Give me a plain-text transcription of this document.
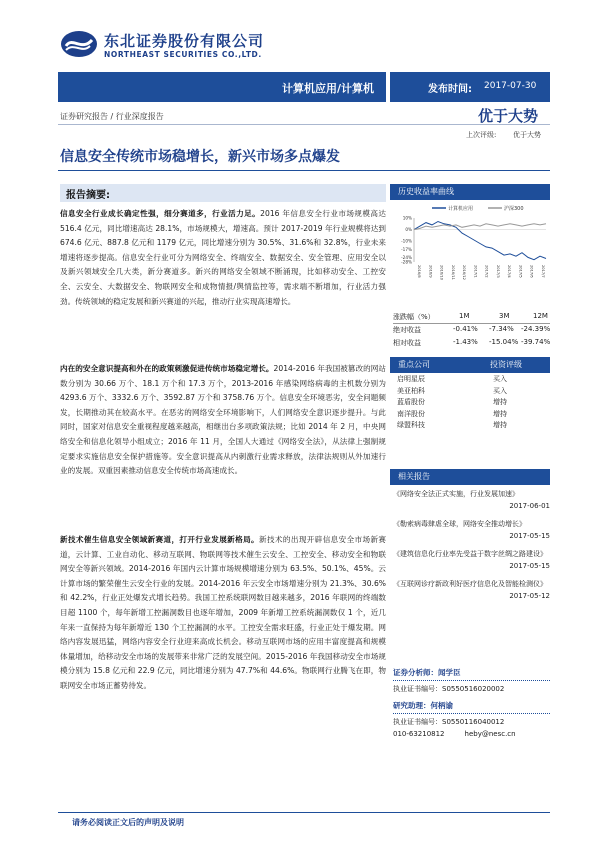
东北证券股份有限公司
NORTHEAST SECURITIES CO.,LTD.
计算机应用/计算机	发布时间: 2017-07-30
证券研究报告 / 行业深度报告	优于大势
上次评级: 优于大势
信息安全传统市场稳增长，新兴市场多点爆发
报告摘要:
信息安全行业成长确定性强，细分赛道多，行业活力足。2016 年信息安全行业市场规模高达 516.4 亿元，同比增速高达 28.1%，市场规模大，增速高。预计 2017-2019 年行业规模将达到 674.6 亿元、887.8 亿元和 1179 亿元，同比增速分别为 30.5%、31.6%和 32.8%，行业未来增速将逐步提高。信息安全行业可分为网络安全、终端安全、数据安全、安全管理、应用安全以及新兴领域安全几大类，新分赛道多。新兴的网络安全领域不断涌现，比如移动安全、工控安全、云安全、大数据安全、物联网安全和成物情报/舆情监控等，需求端不断增加，行业活力强劲。传统领域的稳定发展和新兴赛道的兴起，推动行业实现高速增长。
内在的安全意识提高和外在的政策刺激促进传统市场稳定增长。2014-2016 年我国被篡改的网站数分别为 30.66 万个、18.1 万个和 17.3 万个，2013-2016 年感染网络病毒的主机数分别为 4293.6 万个、3332.6 万个、3592.87 万个和 3758.76 万个。信息安全环境恶劣，安全问题频发，长期推动其在较高水平。在恶劣的网络安全环境影响下，人们网络安全意识逐步提升。与此同时，国家对信息安全重视程度越来越高，相继出台多项政策法规；比如 2014 年 2 月，中央网络安全和信息化领导小组成立；2016 年 11 月，全国人大通过《网络安全法》，从法律上强制规定要求实施信息安全保护措施等。安全意识提高从内刺激行业需求释放，法律法规则从外加速行业的发展。双重因素推动信息安全传统市场高速成长。
新技术催生信息安全领域新赛道，打开行业发展新格局。新技术的出现开辟信息安全市场新赛道，云计算、工业自动化、移动互联网、物联网等技术催生云安全、工控安全、移动安全和物联网安全等新兴领域。2014-2016 年国内云计算市场规模增速分别为 63.5%、50.1%、45%。云计算市场的繁荣催生云安全行业的发展。2014-2016 年云安全市场增速分别为 21.3%、30.6%和 42.2%，行业正处爆发式增长趋势。我国工控系统联网数目越来越多，2016 年联网的终端数目超 1100 个，每年新增工控漏洞数目也逐年增加，2009 年新增工控系统漏洞数仅 1 个，近几年来一直保持为每年新增近 130 个工控漏洞的水平。工控安全需求旺盛，行业正处于爆发期。网络内容发展迅猛，网络内容安全行业迎来高成长机会。移动互联网市场的应用丰富度提高和规模体量增加，给移动安全市场的发展带来非常广泛的发展空间。2015-2016 年我国移动安全市场规模分别为 15.8 亿元和 22.9 亿元，同比增速分别为 47.7%和 44.6%。物联网行业腾飞在即，物联网安全市场正蓄势待发。
历史收益率曲线
计算机应用	沪深300
10%
0%
-10%
-17%
-24%
-28%
2016/8 2016/9 2016/10 2016/11 2016/12 2017/1 2017/2 2017/3 2017/4 2017/5 2017/6 2017/7
涨跌幅（%）	1M	3M	12M
绝对收益	-0.41% -7.34% -24.39%
相对收益	-1.43% -15.04% -39.74%
重点公司	投资评级
启明星辰	买入
美亚柏科	买入
蓝盾股份	增持
南洋股份	增持
绿盟科技	增持
相关报告
《网络安全法正式实施，行业发展加速》
2017-06-01
《勒索病毒肆虐全球，网络安全推动增长》
2017-05-15
《建筑信息化行业率先受益于数字丝绸之路建设》
2017-05-15
《互联网诊疗新政利好医疗信息化及智能检测仪》
2017-05-12
证券分析师：闻学臣
执业证书编号：S0550516020002
研究助理：何柄谕
执业证书编号：S0550116040012
010-63210812	heby@nesc.cn
请务必阅读正文后的声明及说明
